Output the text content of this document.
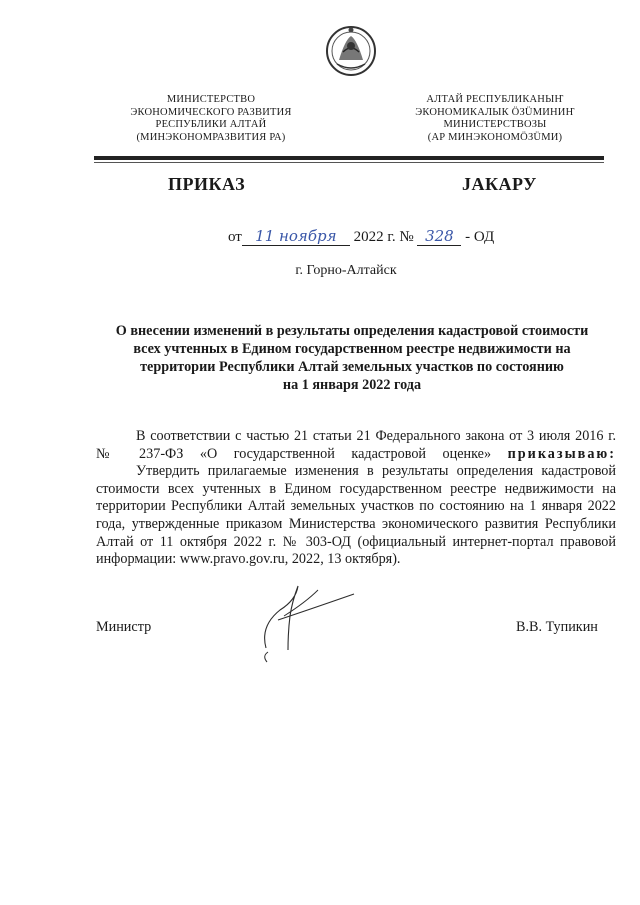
МИНИСТЕРСТВО
ЭКОНОМИЧЕСКОГО РАЗВИТИЯ
РЕСПУБЛИКИ АЛТАЙ
(МИНЭКОНОМРАЗВИТИЯ РА)
АЛТАЙ РЕСПУБЛИКАНЫҤ
ЭКОНОМИКАЛЫК ÖЗÜМИНИҤ
МИНИСТЕРСТВОЗЫ
(АР МИНЭКОНОМÖЗÜМИ)
ПРИКАЗ	JАКАРУ
от 11 ноября 2022 г. № 328 - ОД
г. Горно-Алтайск
О внесении изменений в результаты определения кадастровой стоимости
всех учтенных в Едином государственном реестре недвижимости на
территории Республики Алтай земельных участков по состоянию
на 1 января 2022 года

В соответствии с частью 21 статьи 21 Федерального закона от 3 июля 2016 г. № 237-ФЗ «О государственной кадастровой оценке» приказываю:

Утвердить прилагаемые изменения в результаты определения кадастровой стоимости всех учтенных в Едином государственном реестре недвижимости на территории Республики Алтай земельных участков по состоянию на 1 января 2022 года, утвержденные приказом Министерства экономического развития Республики Алтай от 11 октября 2022 г. № 303-ОД (официальный интернет-портал правовой информации: www.pravo.gov.ru, 2022, 13 октября).

Министр	В.В. Тупикин
